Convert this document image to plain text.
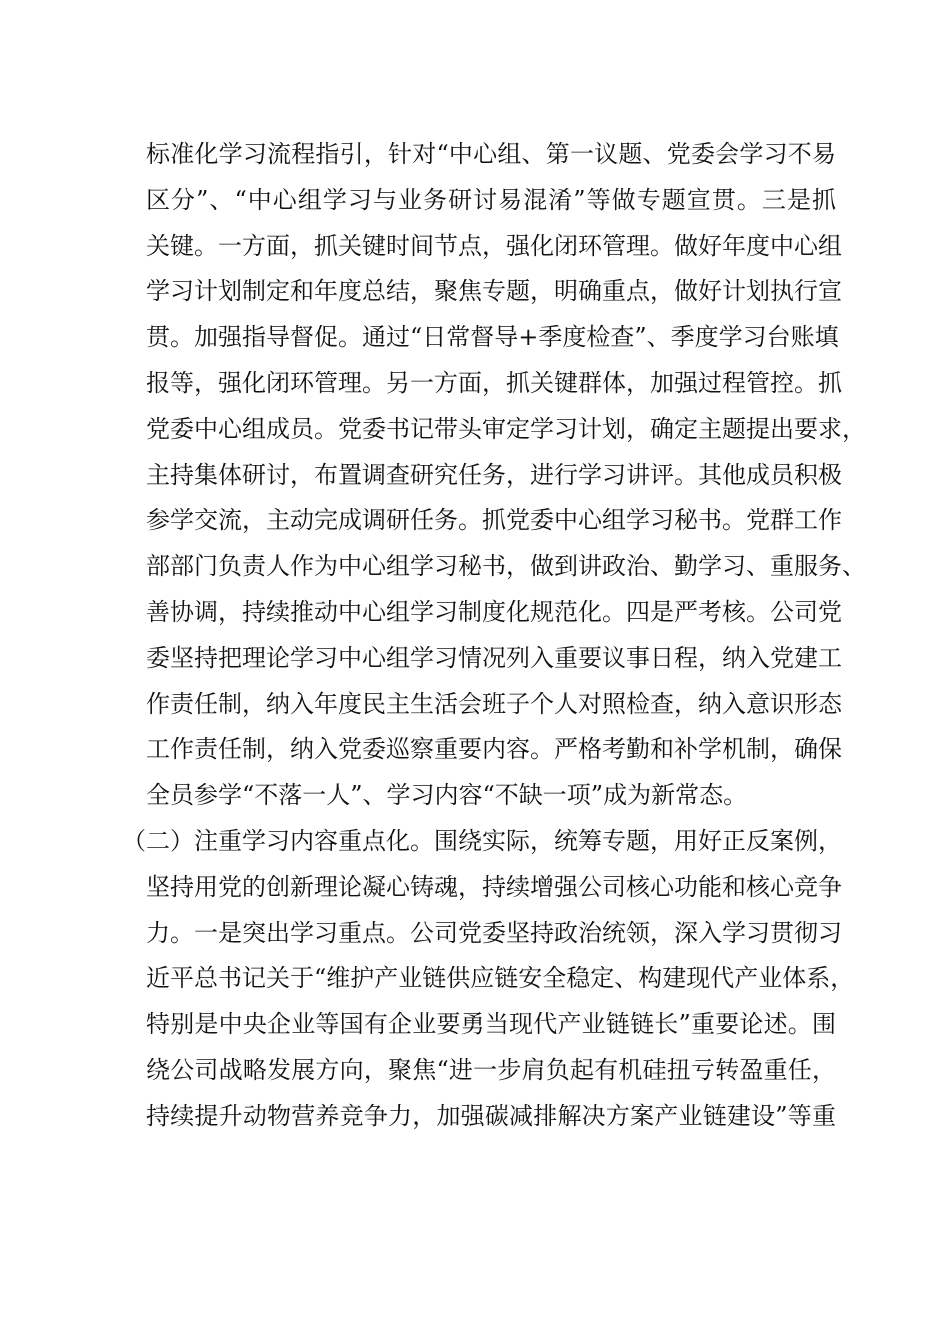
标准化学习流程指引，针对“中心组、第一议题、党委会学习不易
区分”、“中心组学习与业务研讨易混淆”等做专题宣贯。三是抓
关键。一方面，抓关键时间节点，强化闭环管理。做好年度中心组
学习计划制定和年度总结，聚焦专题，明确重点，做好计划执行宣
贯。加强指导督促。通过“日常督导+季度检查”、季度学习台账填
报等，强化闭环管理。另一方面，抓关键群体，加强过程管控。抓
党委中心组成员。党委书记带头审定学习计划，确定主题提出要求，
主持集体研讨，布置调查研究任务，进行学习讲评。其他成员积极
参学交流，主动完成调研任务。抓党委中心组学习秘书。党群工作
部部门负责人作为中心组学习秘书，做到讲政治、勤学习、重服务、
善协调，持续推动中心组学习制度化规范化。四是严考核。公司党
委坚持把理论学习中心组学习情况列入重要议事日程，纳入党建工
作责任制，纳入年度民主生活会班子个人对照检查，纳入意识形态
工作责任制，纳入党委巡察重要内容。严格考勤和补学机制，确保
全员参学“不落一人”、学习内容“不缺一项”成为新常态。
（二）注重学习内容重点化。围绕实际，统筹专题，用好正反案例，
坚持用党的创新理论凝心铸魂，持续增强公司核心功能和核心竞争
力。一是突出学习重点。公司党委坚持政治统领，深入学习贯彻习
近平总书记关于“维护产业链供应链安全稳定、构建现代产业体系，
特别是中央企业等国有企业要勇当现代产业链链长”重要论述。围
绕公司战略发展方向，聚焦“进一步肩负起有机硅扭亏转盈重任，
持续提升动物营养竞争力，加强碳减排解决方案产业链建设”等重
